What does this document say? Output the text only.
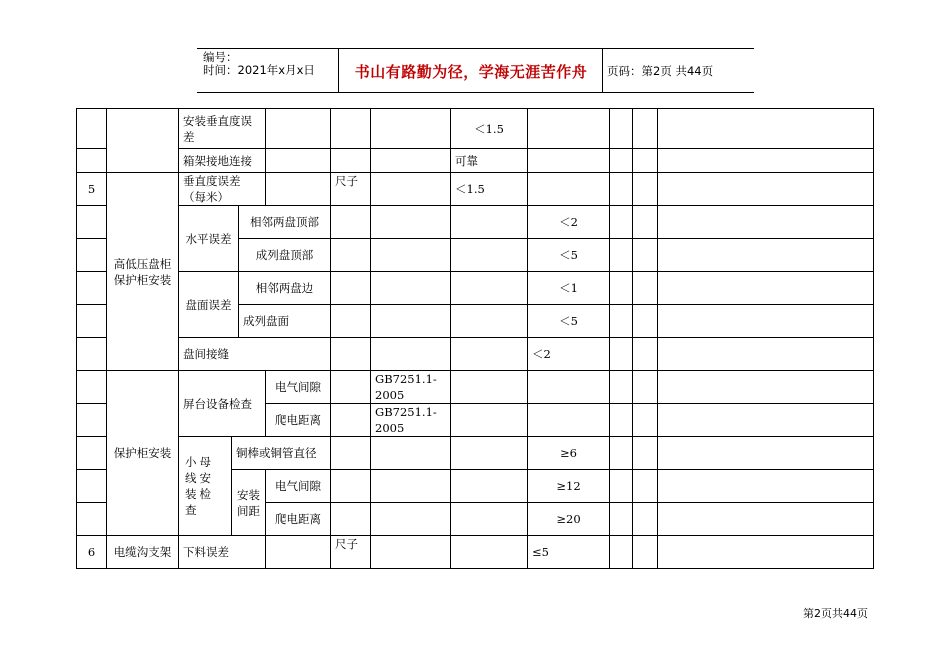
编号：
时间：2021年x月x日	书山有路勤为径，学海无涯苦作舟	页码：第2页 共44页
		安装垂直度误差						＜1.5				
		箱架接地连接						可靠				
5	高低压盘柜保护柜安装	垂直度误差（每米）				尺子		＜1.5				
		水平误差		相邻两盘顶部					＜2			
				成列盘顶部					＜5			
		盘面误差		相邻两盘边					＜1			
				成列盘面					＜5			
		盘间接缝							＜2			
	保护柜安装	屏台设备检查			电气间隙		GB7251.1-2005					
					爬电距离		GB7251.1-2005					
		小母线安装检查	铜棒或铜管直径						≥6			
			安装间距		电气间隙				≥12			
					爬电距离				≥20			
6	电缆沟支架	下料误差				尺子			≤5			
第2页共44页
